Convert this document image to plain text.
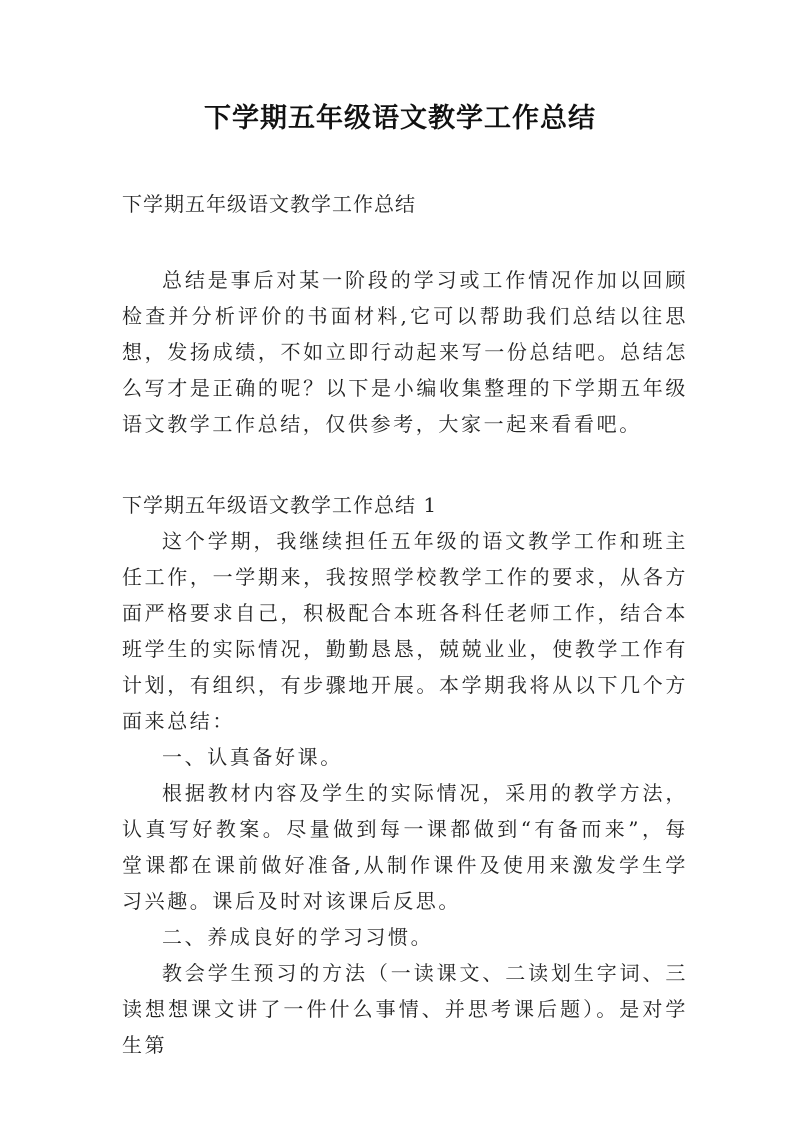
下学期五年级语文教学工作总结

下学期五年级语文教学工作总结

总结是事后对某一阶段的学习或工作情况作加以回顾检查并分析评价的书面材料,它可以帮助我们总结以往思想，发扬成绩，不如立即行动起来写一份总结吧。总结怎么写才是正确的呢？以下是小编收集整理的下学期五年级语文教学工作总结，仅供参考，大家一起来看看吧。

下学期五年级语文教学工作总结 1

这个学期，我继续担任五年级的语文教学工作和班主任工作，一学期来，我按照学校教学工作的要求，从各方面严格要求自己，积极配合本班各科任老师工作，结合本班学生的实际情况，勤勤恳恳，兢兢业业，使教学工作有计划，有组织，有步骤地开展。本学期我将从以下几个方面来总结：

一、认真备好课。

根据教材内容及学生的实际情况，采用的教学方法，认真写好教案。尽量做到每一课都做到“有备而来”，每堂课都在课前做好准备,从制作课件及使用来激发学生学习兴趣。课后及时对该课后反思。

二、养成良好的学习习惯。

教会学生预习的方法（一读课文、二读划生字词、三读想想课文讲了一件什么事情、并思考课后题）。是对学生第
